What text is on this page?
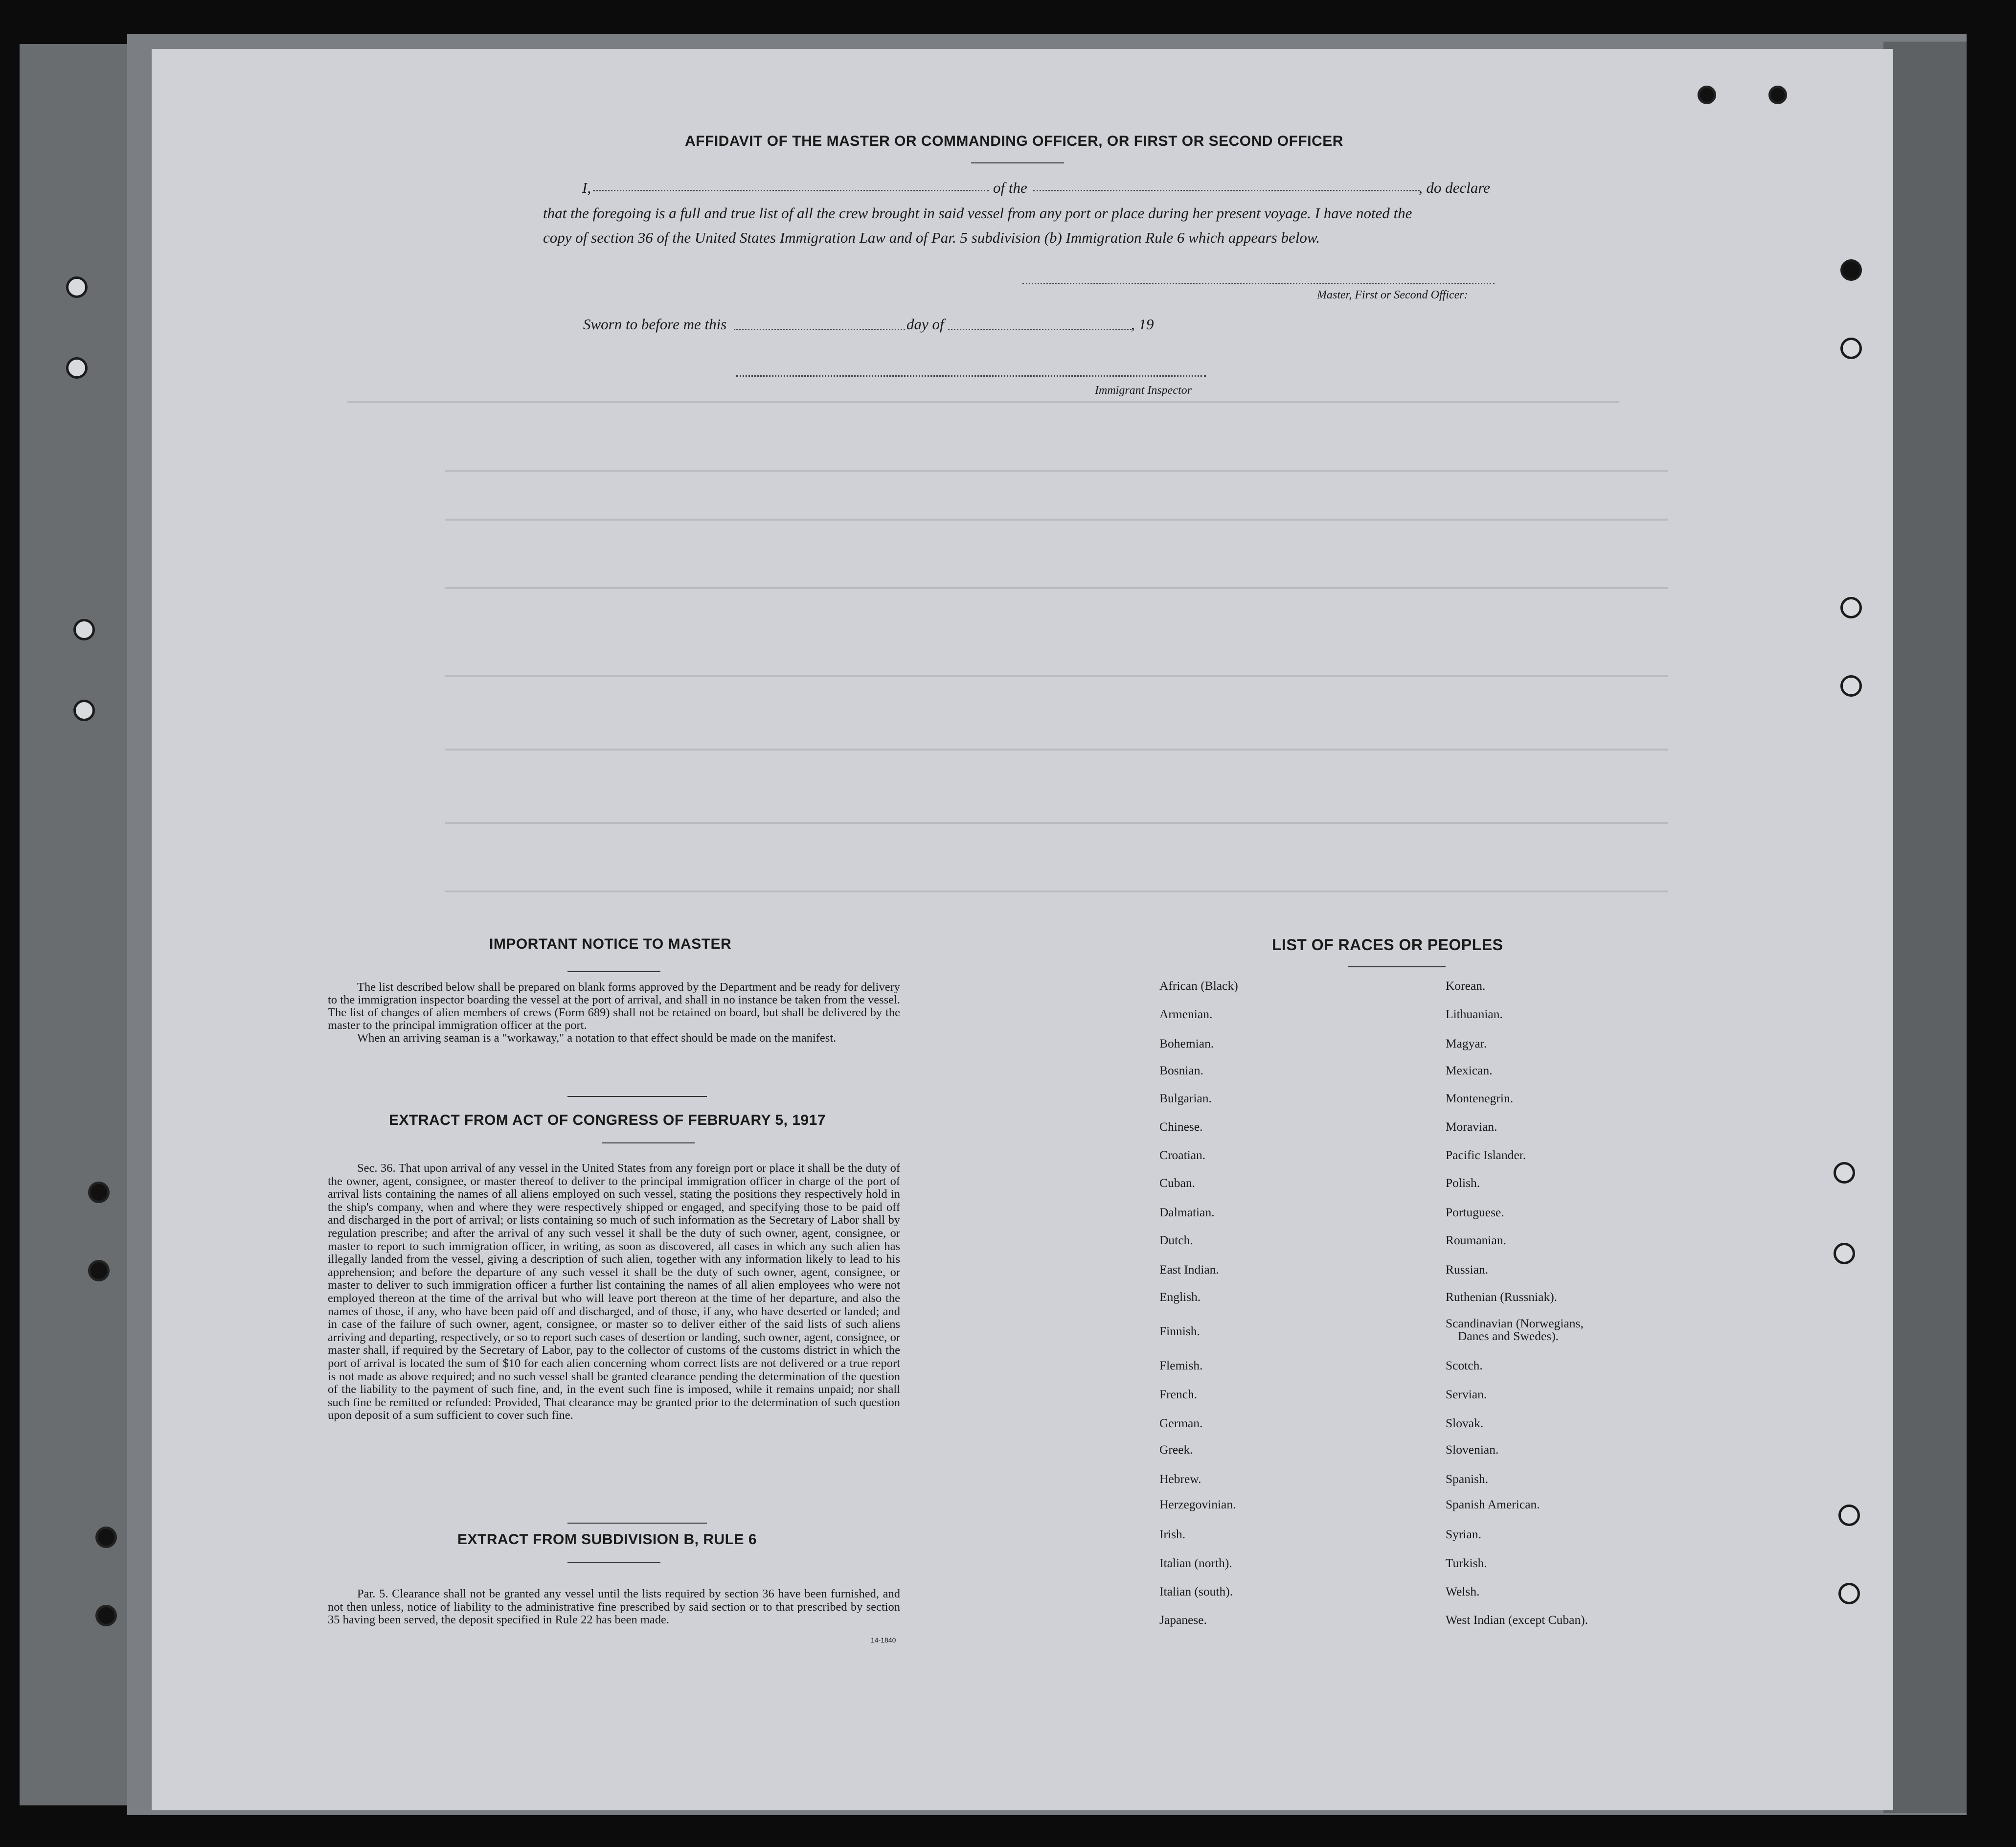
AFFIDAVIT OF THE MASTER OR COMMANDING OFFICER, OR FIRST OR SECOND OFFICER
I,	of the	, do declare
that the foregoing is a full and true list of all the crew brought in said vessel from any port or place during her present voyage. I have noted the
copy of section 36 of the United States Immigration Law and of Par. 5 subdivision (b) Immigration Rule 6 which appears below.
Master, First or Second Officer:
Sworn to before me this	day of	, 19
Immigrant Inspector
IMPORTANT NOTICE TO MASTER

The list described below shall be prepared on blank forms approved by the Department and be ready for delivery to the immigration inspector boarding the vessel at the port of arrival, and shall in no instance be taken from the vessel. The list of changes of alien members of crews (Form 689) shall not be retained on board, but shall be delivered by the master to the principal immigration officer at the port.

When an arriving seaman is a "workaway," a notation to that effect should be made on the manifest.

EXTRACT FROM ACT OF CONGRESS OF FEBRUARY 5, 1917

Sec. 36. That upon arrival of any vessel in the United States from any foreign port or place it shall be the duty of the owner, agent, consignee, or master thereof to deliver to the principal immigration officer in charge of the port of arrival lists containing the names of all aliens employed on such vessel, stating the positions they respectively hold in the ship's company, when and where they were respectively shipped or engaged, and specifying those to be paid off and discharged in the port of arrival; or lists containing so much of such information as the Secretary of Labor shall by regulation prescribe; and after the arrival of any such vessel it shall be the duty of such owner, agent, consignee, or master to report to such immigration officer, in writing, as soon as discovered, all cases in which any such alien has illegally landed from the vessel, giving a description of such alien, together with any information likely to lead to his apprehension; and before the departure of any such vessel it shall be the duty of such owner, agent, consignee, or master to deliver to such immigration officer a further list containing the names of all alien employees who were not employed thereon at the time of the arrival but who will leave port thereon at the time of her departure, and also the names of those, if any, who have been paid off and discharged, and of those, if any, who have deserted or landed; and in case of the failure of such owner, agent, consignee, or master so to deliver either of the said lists of such aliens arriving and departing, respectively, or so to report such cases of desertion or landing, such owner, agent, consignee, or master shall, if required by the Secretary of Labor, pay to the collector of customs of the customs district in which the port of arrival is located the sum of $10 for each alien concerning whom correct lists are not delivered or a true report is not made as above required; and no such vessel shall be granted clearance pending the determination of the question of the liability to the payment of such fine, and, in the event such fine is imposed, while it remains unpaid; nor shall such fine be remitted or refunded: Provided, That clearance may be granted prior to the determination of such question upon deposit of a sum sufficient to cover such fine.

EXTRACT FROM SUBDIVISION B, RULE 6

Par. 5. Clearance shall not be granted any vessel until the lists required by section 36 have been furnished, and not then unless, notice of liability to the administrative fine prescribed by said section or to that prescribed by section 35 having been served, the deposit specified in Rule 22 has been made.

14-1840
LIST OF RACES OR PEOPLES
African (Black)
Armenian.
Bohemian.
Bosnian.
Bulgarian.
Chinese.
Croatian.
Cuban.
Dalmatian.
Dutch.
East Indian.
English.
Finnish.
Flemish.
French.
German.
Greek.
Hebrew.
Herzegovinian.
Irish.
Italian (north).
Italian (south).
Japanese.
Korean.
Lithuanian.
Magyar.
Mexican.
Montenegrin.
Moravian.
Pacific Islander.
Polish.
Portuguese.
Roumanian.
Russian.
Ruthenian (Russniak).
Scandinavian (Norwegians,
Danes and Swedes).
Scotch.
Servian.
Slovak.
Slovenian.
Spanish.
Spanish American.
Syrian.
Turkish.
Welsh.
West Indian (except Cuban).
